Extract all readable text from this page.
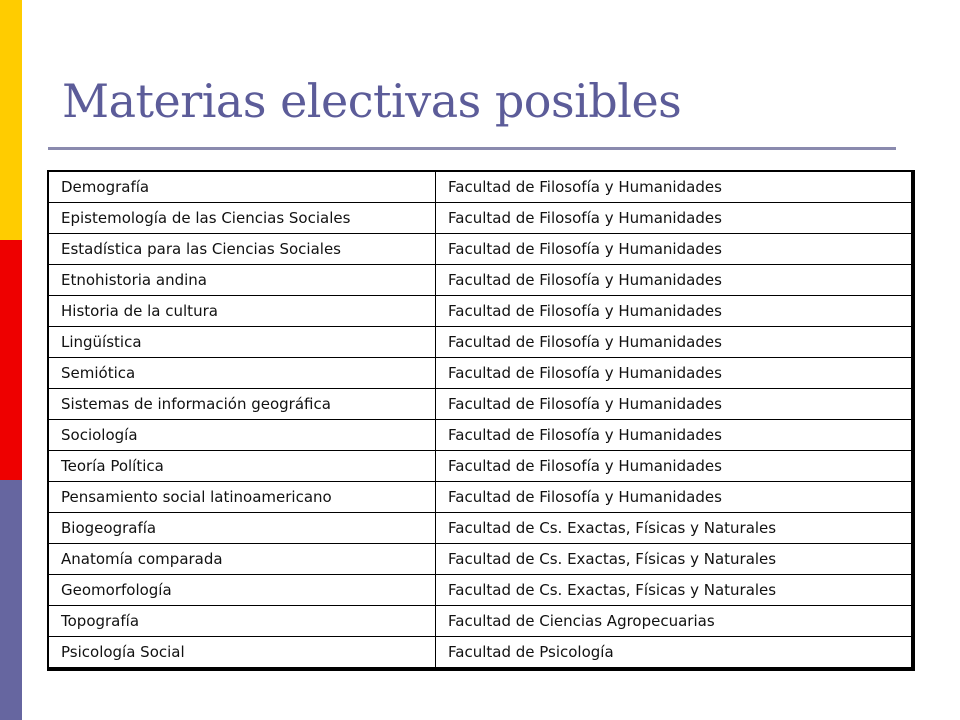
Materias electivas posibles
Demografía	Facultad de Filosofía y Humanidades
Epistemología de las Ciencias Sociales	Facultad de Filosofía y Humanidades
Estadística para las Ciencias Sociales	Facultad de Filosofía y Humanidades
Etnohistoria andina	Facultad de Filosofía y Humanidades
Historia de la cultura	Facultad de Filosofía y Humanidades
Lingüística	Facultad de Filosofía y Humanidades
Semiótica	Facultad de Filosofía y Humanidades
Sistemas de información geográfica	Facultad de Filosofía y Humanidades
Sociología	Facultad de Filosofía y Humanidades
Teoría Política	Facultad de Filosofía y Humanidades
Pensamiento social latinoamericano	Facultad de Filosofía y Humanidades
Biogeografía	Facultad de Cs. Exactas, Físicas y Naturales
Anatomía comparada	Facultad de Cs. Exactas, Físicas y Naturales
Geomorfología	Facultad de Cs. Exactas, Físicas y Naturales
Topografía	Facultad de Ciencias Agropecuarias
Psicología Social	Facultad de Psicología
